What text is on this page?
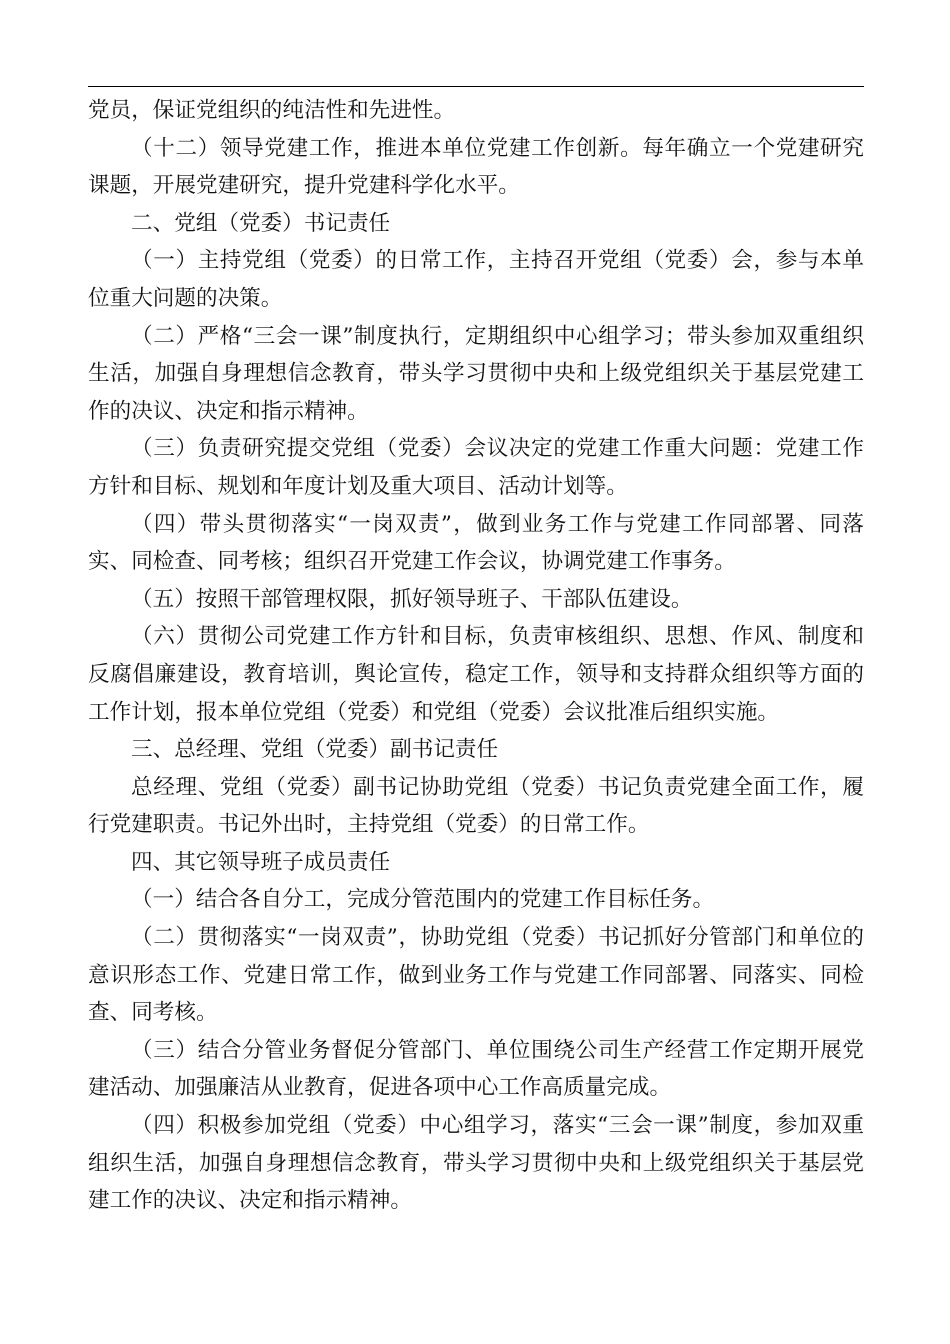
党员，保证党组织的纯洁性和先进性。

（十二）领导党建工作，推进本单位党建工作创新。每年确立一个党建研究课题，开展党建研究，提升党建科学化水平。

二、党组（党委）书记责任

（一）主持党组（党委）的日常工作，主持召开党组（党委）会，参与本单位重大问题的决策。

（二）严格“三会一课”制度执行，定期组织中心组学习；带头参加双重组织生活，加强自身理想信念教育，带头学习贯彻中央和上级党组织关于基层党建工作的决议、决定和指示精神。

（三）负责研究提交党组（党委）会议决定的党建工作重大问题：党建工作方针和目标、规划和年度计划及重大项目、活动计划等。

（四）带头贯彻落实“一岗双责”，做到业务工作与党建工作同部署、同落实、同检查、同考核；组织召开党建工作会议，协调党建工作事务。

（五）按照干部管理权限，抓好领导班子、干部队伍建设。

（六）贯彻公司党建工作方针和目标，负责审核组织、思想、作风、制度和反腐倡廉建设，教育培训，舆论宣传，稳定工作，领导和支持群众组织等方面的工作计划，报本单位党组（党委）和党组（党委）会议批准后组织实施。

三、总经理、党组（党委）副书记责任

总经理、党组（党委）副书记协助党组（党委）书记负责党建全面工作，履行党建职责。书记外出时，主持党组（党委）的日常工作。

四、其它领导班子成员责任

（一）结合各自分工，完成分管范围内的党建工作目标任务。

（二）贯彻落实“一岗双责”，协助党组（党委）书记抓好分管部门和单位的意识形态工作、党建日常工作，做到业务工作与党建工作同部署、同落实、同检查、同考核。

（三）结合分管业务督促分管部门、单位围绕公司生产经营工作定期开展党建活动、加强廉洁从业教育，促进各项中心工作高质量完成。

（四）积极参加党组（党委）中心组学习，落实“三会一课”制度，参加双重组织生活，加强自身理想信念教育，带头学习贯彻中央和上级党组织关于基层党建工作的决议、决定和指示精神。
